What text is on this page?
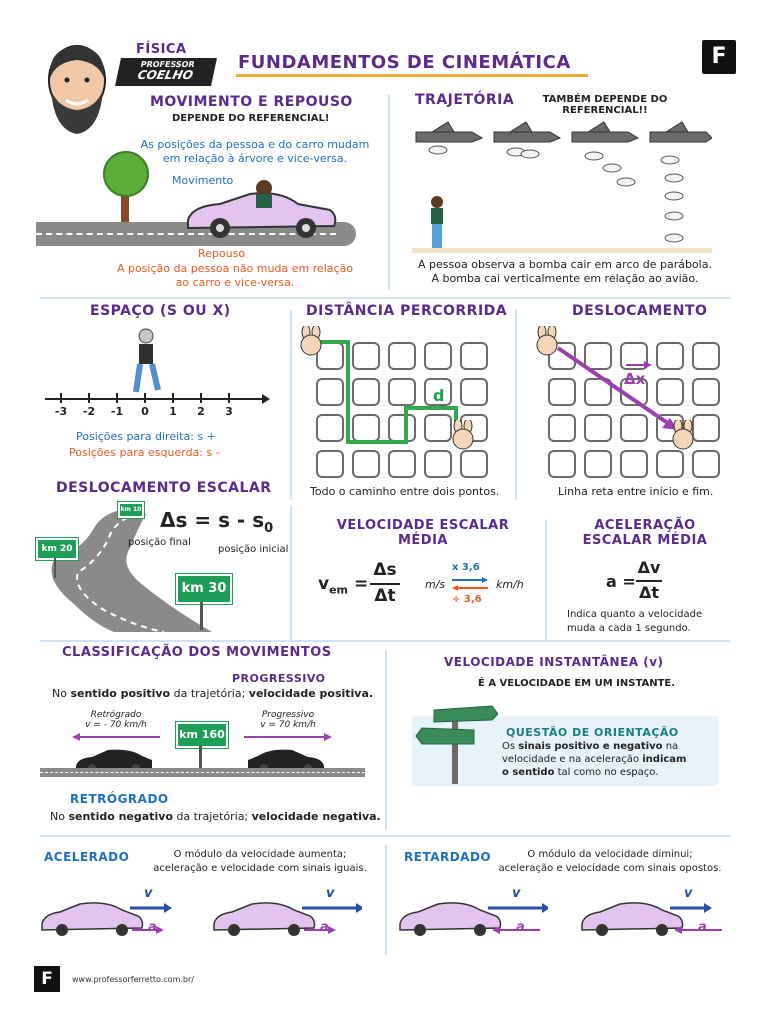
FÍSICA
PROFESSOR
COELHO
FUNDAMENTOS DE CINEMÁTICA	F
MOVIMENTO E REPOUSO
DEPENDE DO REFERENCIAL!
As posições da pessoa e do carro mudam
em relação à árvore e vice-versa.
Movimento
Repouso
A posição da pessoa não muda em relação
ao carro e vice-versa.
TRAJETÓRIA	TAMBÉM DEPENDE DO
REFERENCIAL!!
A pessoa observa a bomba cair em arco de parábola.
A bomba cai verticalmente em relação ao avião.
ESPAÇO (S OU X)
-3	-2	-1	0	1	2	3
Posições para direita: s +
Posições para esquerda: s -
DISTÂNCIA PERCORRIDA
d
Todo o caminho entre dois pontos.
DESLOCAMENTO
Δx
Linha reta entre início e fim.
DESLOCAMENTO ESCALAR
km 10
km 20
km 30
$\Delta s = s - s_0$
posição final
posição inicial
VELOCIDADE ESCALAR
MÉDIA
$v_{em}$ =
Δs
Δt
m/s
x 3,6
÷ 3,6
km/h
ACELERAÇÃO
ESCALAR MÉDIA
a =
Δv
Δt
Indica quanto a velocidade
muda a cada 1 segundo.
CLASSIFICAÇÃO DOS MOVIMENTOS
PROGRESSIVO
No sentido positivo da trajetória; velocidade positiva.
Retrógrado
v = - 70 km/h
Progressivo
v = 70 km/h
km 160
RETRÓGRADO
No sentido negativo da trajetória; velocidade negativa.
VELOCIDADE INSTANTÂNEA (v)
É A VELOCIDADE EM UM INSTANTE.
QUESTÃO DE ORIENTAÇÃO
Os sinais positivo e negativo na
velocidade e na aceleração indicam
o sentido tal como no espaço.
ACELERADO	O módulo da velocidade aumenta;
aceleração e velocidade com sinais iguais.
RETARDADO	O módulo da velocidade diminui;
aceleração e velocidade com sinais opostos.
v
a
v
a
v
a
v
a
F	www.professorferretto.com.br/
